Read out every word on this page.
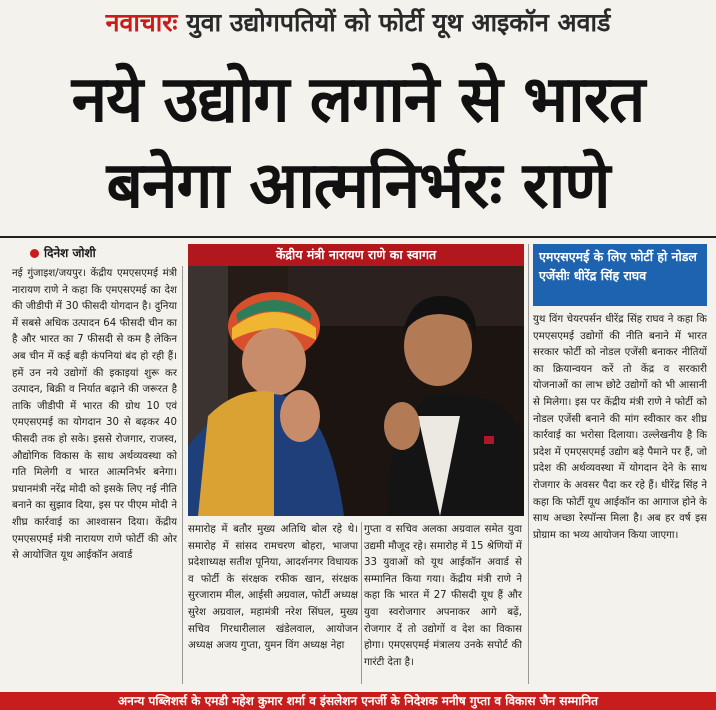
नवाचारः युवा उद्योगपतियों को फोर्टी यूथ आइकॉन अवार्ड
नये उद्योग लगाने से भारत
बनेगा आत्मनिर्भरः राणे
दिनेश जोशी

नई गुंजाइश/जयपुर। केंद्रीय एमएसएमई मंत्री नारायण राणे ने कहा कि एमएसएमई का देश की जीडीपी में 30 फीसदी योगदान है। दुनिया में सबसे अधिक उत्पादन 64 फीसदी चीन का है और भारत का 7 फीसदी से कम है लेकिन अब चीन में कई बड़ी कंपनियां बंद हो रही हैं। हमें उन नये उद्योगों की इकाइयां शुरू कर उत्पादन, बिक्री व निर्यात बढ़ाने की जरूरत है ताकि जीडीपी में भारत की ग्रोथ 10 एवं एमएसएमई का योगदान 30 से बढ़कर 40 फीसदी तक हो सके। इससे रोजगार, राजस्व, औद्योगिक विकास के साथ अर्थव्यवस्था को गति मिलेगी व भारत आत्मनिर्भर बनेगा। प्रधानमंत्री नरेंद्र मोदी को इसके लिए नई नीति बनाने का सुझाव दिया, इस पर पीएम मोदी ने शीघ्र कार्रवाई का आश्वासन दिया। केंद्रीय एमएसएमई मंत्री नारायण राणे फोर्टी की ओर से आयोजित यूथ आईकॉन अवार्ड

केंद्रीय मंत्री नारायण राणे का स्वागत

समारोह में बतौर मुख्य अतिथि बोल रहे थे। समारोह में सांसद रामचरण बोहरा, भाजपा प्रदेशाध्यक्ष सतीश पूनिया, आदर्शनगर विधायक व फोर्टी के संरक्षक रफीक खान, संरक्षक सुरजाराम मील, आईसी अग्रवाल, फोर्टी अध्यक्ष सुरेश अग्रवाल, महामंत्री नरेश सिंघल, मुख्य सचिव गिरधारीलाल खंडेलवाल, आयोजन अध्यक्ष अजय गुप्ता, युमन विंग अध्यक्ष नेहा

गुप्ता व सचिव अलका अग्रवाल समेत युवा उद्यमी मौजूद रहे। समारोह में 15 श्रेणियों में 33 युवाओं को यूथ आईकॉन अवार्ड से सम्मानित किया गया। केंद्रीय मंत्री राणे ने कहा कि भारत में 27 फीसदी यूथ हैं और युवा स्वरोजगार अपनाकर आगे बढ़ें, रोजगार दें तो उद्योगों व देश का विकास होगा। एमएसएमई मंत्रालय उनके सपोर्ट की गारंटी देता है।

एमएसएमई के लिए फोर्टी हो नोडल एजेंसीः धीरेंद्र सिंह राघव

युथ विंग चेयरपर्सन धीरेंद्र सिंह राघव ने कहा कि एमएसएमई उद्योगों की नीति बनाने में भारत सरकार फोर्टी को नोडल एजेंसी बनाकर नीतियों का क्रियान्वयन करें तो केंद्र व सरकारी योजनाओं का लाभ छोटे उद्योगों को भी आसानी से मिलेगा। इस पर केंद्रीय मंत्री राणे ने फोर्टी को नोडल एजेंसी बनाने की मांग स्वीकार कर शीघ्र कार्रवाई का भरोसा दिलाया। उल्लेखनीय है कि प्रदेश में एमएसएमई उद्योग बड़े पैमाने पर हैं, जो प्रदेश की अर्थव्यवस्था में योगदान देने के साथ रोजगार के अवसर पैदा कर रहे हैं। धीरेंद्र सिंह ने कहा कि फोर्टी यूथ आईकॉन का आगाज होने के साथ अच्छा रेस्पॉन्स मिला है। अब हर वर्ष इस प्रोग्राम का भव्य आयोजन किया जाएगा।

अनन्य पब्लिशर्स के एमडी महेश कुमार शर्मा व इंसलेशन एनर्जी के निदेशक मनीष गुप्ता व विकास जैन सम्मानित
